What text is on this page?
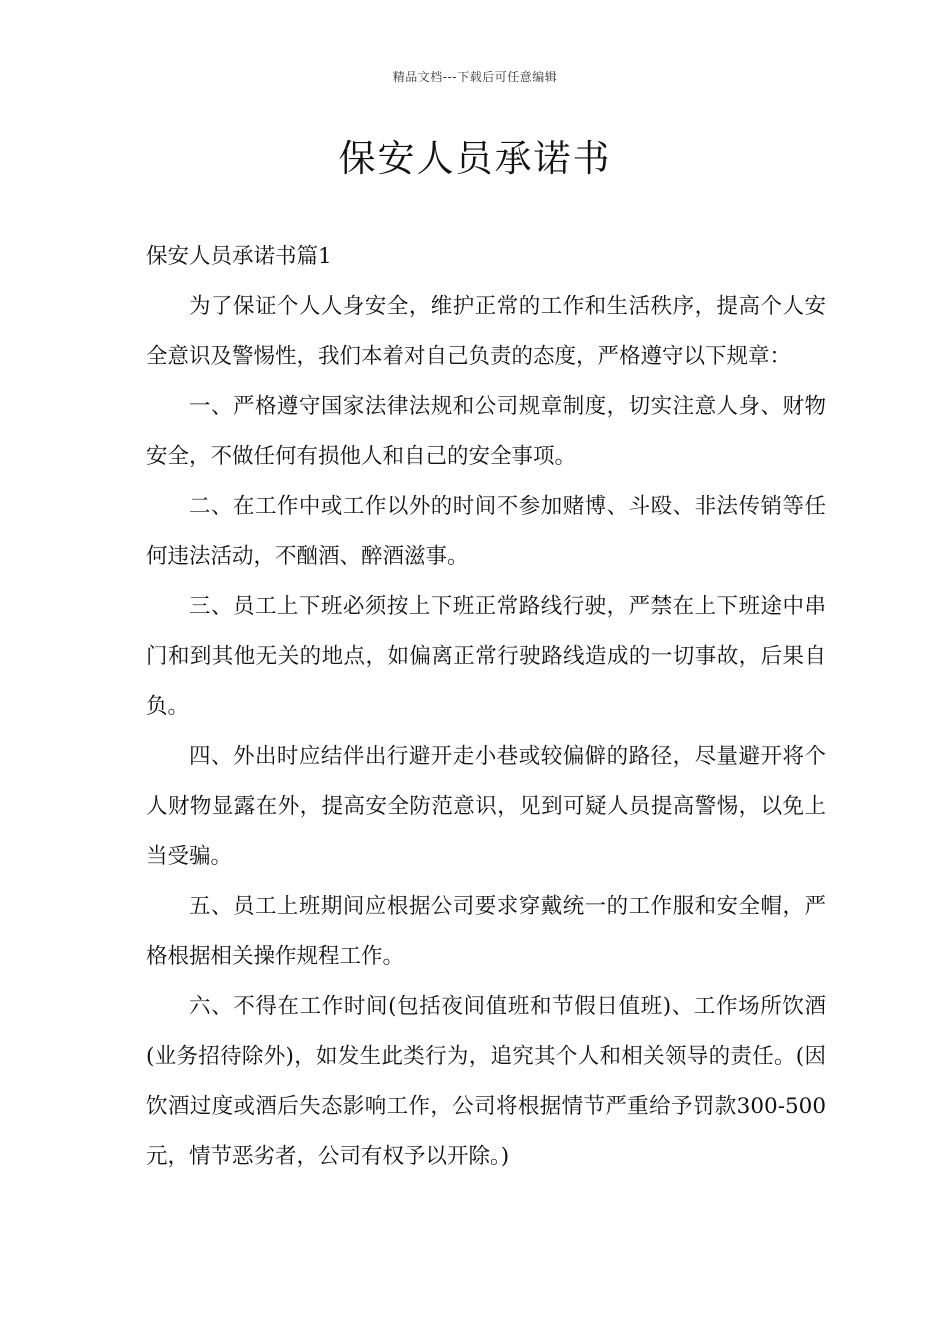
精品文档---下载后可任意编辑
保安人员承诺书

保安人员承诺书篇1

为了保证个人人身安全，维护正常的工作和生活秩序，提高个人安全意识及警惕性，我们本着对自己负责的态度，严格遵守以下规章：

一、严格遵守国家法律法规和公司规章制度，切实注意人身、财物安全，不做任何有损他人和自己的安全事项。

二、在工作中或工作以外的时间不参加赌博、斗殴、非法传销等任何违法活动，不酗酒、醉酒滋事。

三、员工上下班必须按上下班正常路线行驶，严禁在上下班途中串门和到其他无关的地点，如偏离正常行驶路线造成的一切事故，后果自负。

四、外出时应结伴出行避开走小巷或较偏僻的路径，尽量避开将个人财物显露在外，提高安全防范意识，见到可疑人员提高警惕，以免上当受骗。

五、员工上班期间应根据公司要求穿戴统一的工作服和安全帽，严格根据相关操作规程工作。

六、不得在工作时间(包括夜间值班和节假日值班)、工作场所饮酒(业务招待除外)，如发生此类行为，追究其个人和相关领导的责任。(因饮酒过度或酒后失态影响工作，公司将根据情节严重给予罚款300-500元，情节恶劣者，公司有权予以开除。)
